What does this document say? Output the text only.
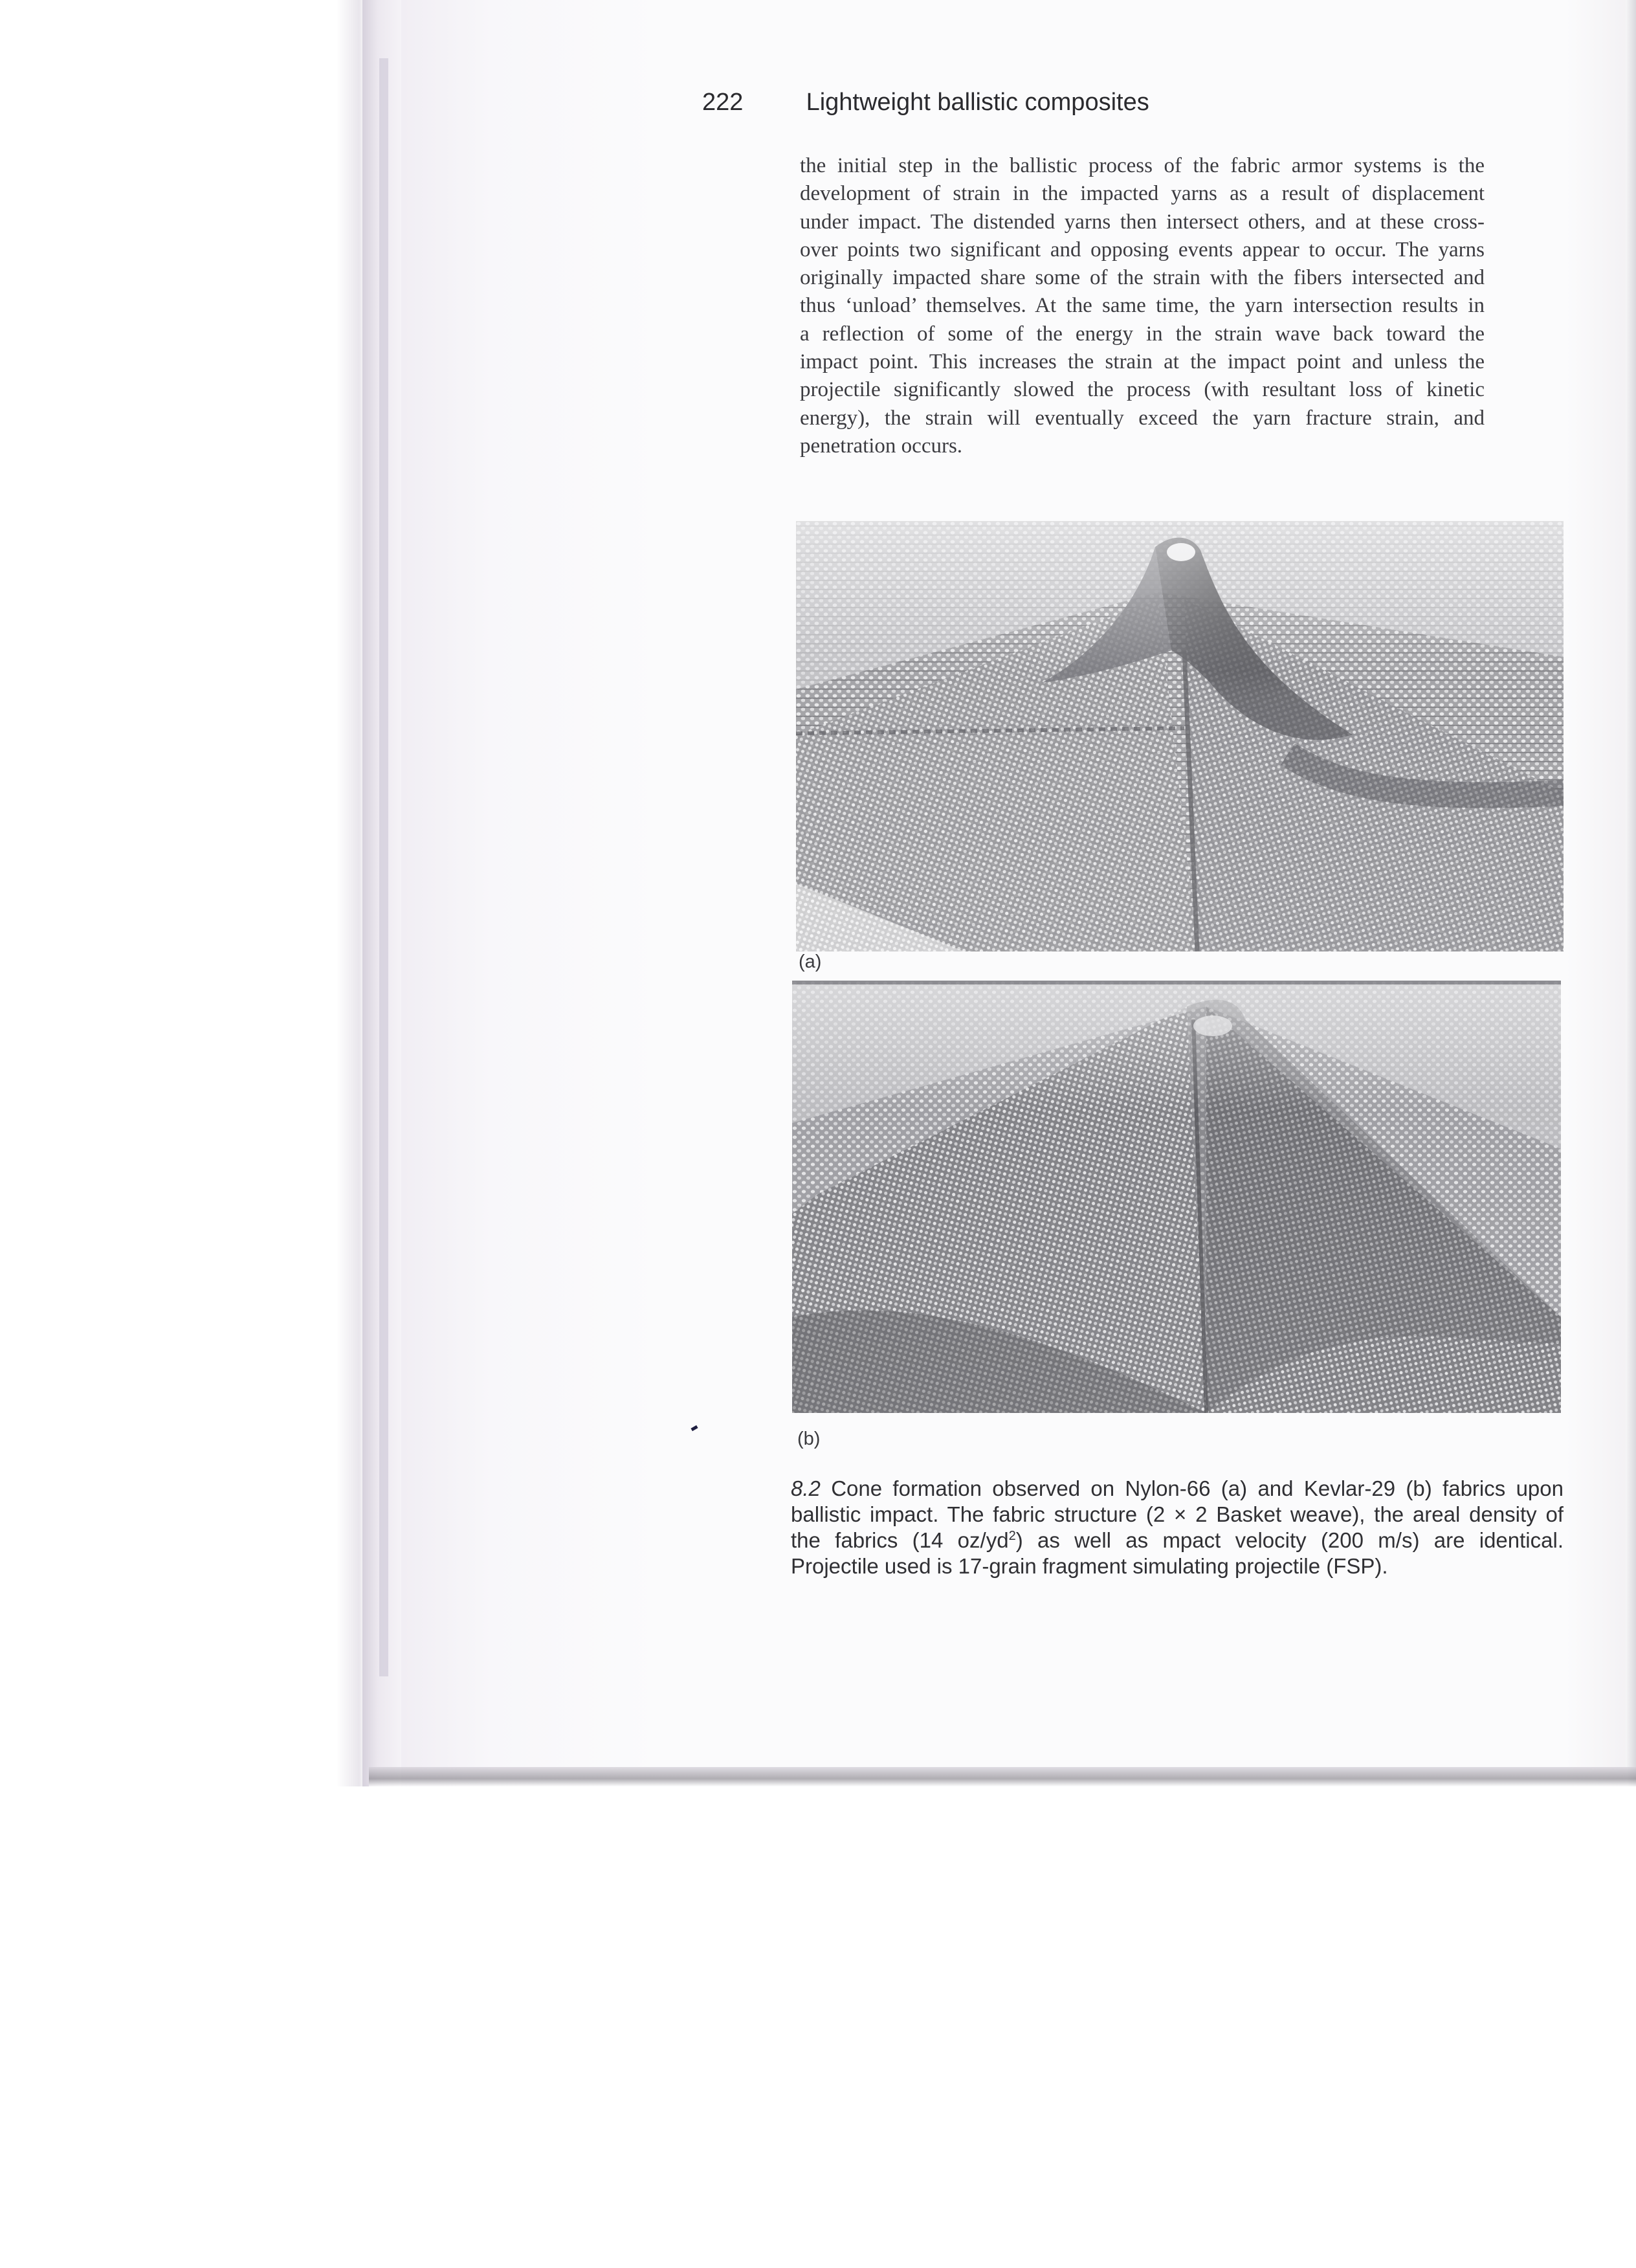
222	Lightweight ballistic composites
the initial step in the ballistic process of the fabric armor systems is the
development of strain in the impacted yarns as a result of displacement
under impact. The distended yarns then intersect others, and at these cross-
over points two significant and opposing events appear to occur. The yarns
originally impacted share some of the strain with the fibers intersected and
thus ‘unload’ themselves. At the same time, the yarn intersection results in
a reflection of some of the energy in the strain wave back toward the
impact point. This increases the strain at the impact point and unless the
projectile significantly slowed the process (with resultant loss of kinetic
energy), the strain will eventually exceed the yarn fracture strain, and
penetration occurs.
(a)
(b)
8.2 Cone formation observed on Nylon-66 (a) and Kevlar-29 (b) fabrics upon
ballistic impact. The fabric structure (2 × 2 Basket weave), the areal density of
the fabrics (14 $oz/yd^2$) as well as mpact velocity (200 m/s) are identical.
Projectile used is 17-grain fragment simulating projectile (FSP).
